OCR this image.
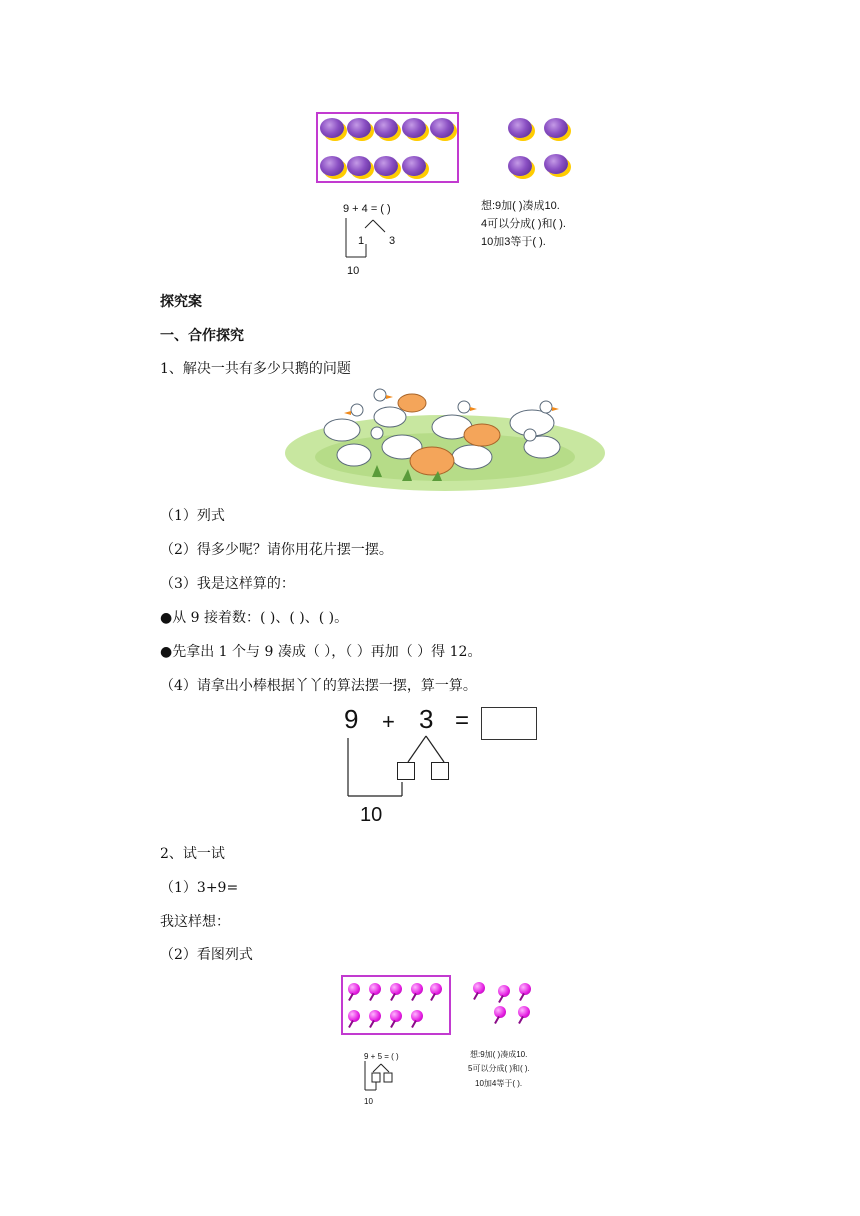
9 + 4 = ( )
1 3
10
想:9加( )凑成10.
4可以分成( )和( ).
10加3等于( ).
探究案
一、合作探究
1、解决一共有多少只鹅的问题
（1）列式
（2）得多少呢？请你用花片摆一摆。
（3）我是这样算的：
●从 9 接着数：( )、( )、( )。
●先拿出 1 个与 9 凑成（ ），（ ）再加（ ）得 12。
（4）请拿出小棒根据丫丫的算法摆一摆，算一算。
9 + 3 =
10
2、试一试
（1）3+9=
我这样想：
（2）看图列式
9 + 5 = ( )
10
想:9加( )凑成10.
5可以分成( )和( ).
10加4等于( ).
